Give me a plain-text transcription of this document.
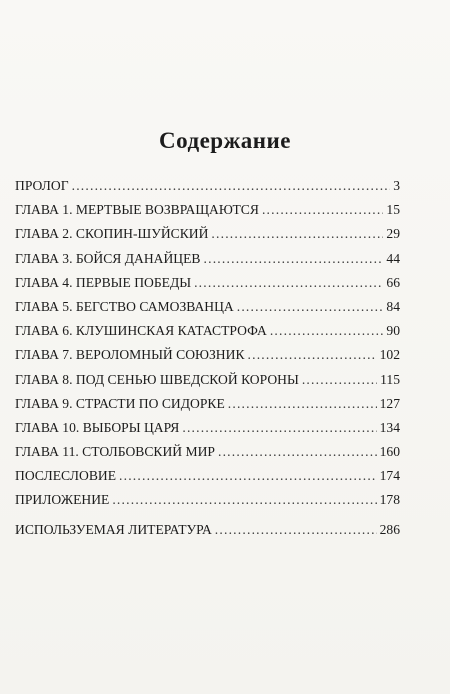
Содержание
ПРОЛОГ .....	3
ГЛАВА 1. МЕРТВЫЕ ВОЗВРАЩАЮТСЯ .....	15
ГЛАВА 2. СКОПИН-ШУЙСКИЙ .....	29
ГЛАВА 3. БОЙСЯ ДАНАЙЦЕВ .....	44
ГЛАВА 4. ПЕРВЫЕ ПОБЕДЫ .....	66
ГЛАВА 5. БЕГСТВО САМОЗВАНЦА .....	84
ГЛАВА 6. КЛУШИНСКАЯ КАТАСТРОФА .....	90
ГЛАВА 7. ВЕРОЛОМНЫЙ СОЮЗНИК .....	102
ГЛАВА 8. ПОД СЕНЬЮ ШВЕДСКОЙ КОРОНЫ .....	115
ГЛАВА 9. СТРАСТИ ПО СИДОРКЕ .....	127
ГЛАВА 10. ВЫБОРЫ ЦАРЯ .....	134
ГЛАВА 11. СТОЛБОВСКИЙ МИР .....	160
ПОСЛЕСЛОВИЕ .....	174
ПРИЛОЖЕНИЕ .....	178
ИСПОЛЬЗУЕМАЯ ЛИТЕРАТУРА .....	286
